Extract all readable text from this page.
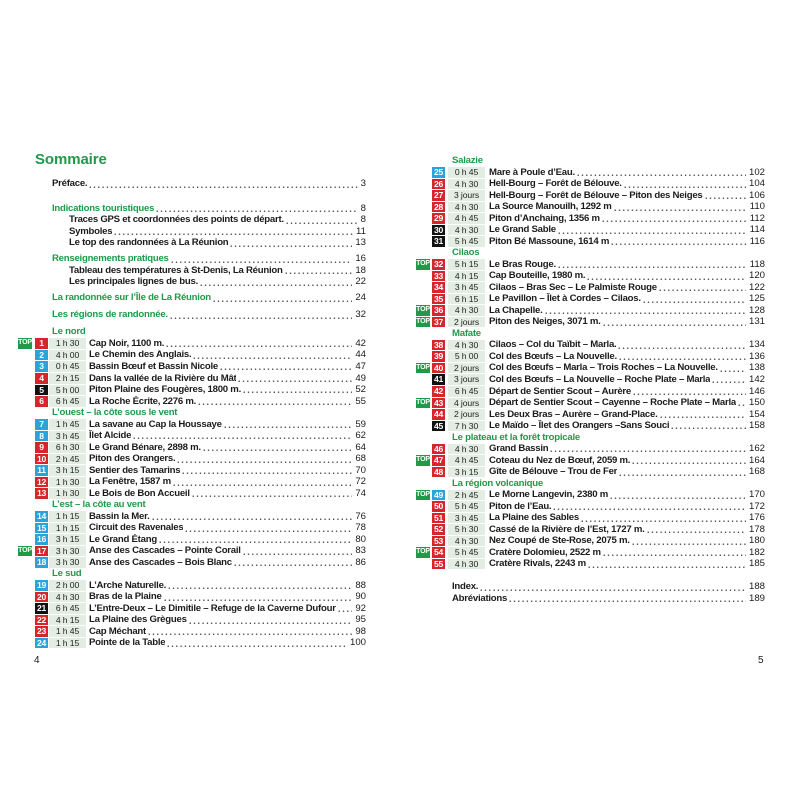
Sommaire
Préface.	3
Indications touristiques	8
Traces GPS et coordonnées des points de départ.	8
Symboles	11
Le top des randonnées à La Réunion	13
Renseignements pratiques	16
Tableau des températures à St-Denis, La Réunion	18
Les principales lignes de bus.	22
La randonnée sur l’Île de La Réunion	24
Les régions de randonnée.	32
Le nord
TOP 1	1 h 30	Cap Noir, 1100 m.	42
2	4 h 00	Le Chemin des Anglais.	44
3	0 h 45	Bassin Bœuf et Bassin Nicole	47
4	2 h 15	Dans la vallée de la Rivière du Mât	49
5	5 h 00	Piton Plaine des Fougères, 1800 m.	52
6	6 h 45	La Roche Écrite, 2276 m.	55
L’ouest – la côte sous le vent
7	1 h 45	La savane au Cap la Houssaye	59
8	3 h 45	Îlet Alcide	62
9	6 h 30	Le Grand Bénare, 2898 m.	64
10	2 h 45	Piton des Orangers.	68
11	3 h 15	Sentier des Tamarins	70
12	1 h 30	La Fenêtre, 1587 m	72
13	1 h 30	Le Bois de Bon Accueil	74
L’est – la côte au vent
14	1 h 15	Bassin la Mer.	76
15	1 h 15	Circuit des Ravenales	78
16	3 h 15	Le Grand Étang	80
TOP 17	3 h 30	Anse des Cascades – Pointe Corail	83
18	3 h 30	Anse des Cascades – Bois Blanc	86
Le sud
19	2 h 00	L’Arche Naturelle.	88
20	4 h 30	Bras de la Plaine	90
21	6 h 45	L’Entre-Deux – Le Dimitile – Refuge de la Caverne Dufour 92
22	4 h 15	La Plaine des Grègues	95
23	1 h 45	Cap Méchant	98
24	1 h 15	Pointe de la Table	100
4
Salazie
25	0 h 45	Mare à Poule d’Eau.	102
26	4 h 30	Hell-Bourg – Forêt de Bélouve.	104
27	3 jours	Hell-Bourg – Forêt de Bélouve – Piton des Neiges	106
28	4 h 30	La Source Manouilh, 1292 m	110
29	4 h 45	Piton d’Anchaing, 1356 m	112
30	4 h 30	Le Grand Sable	114
31	5 h 45	Piton Bé Massoune, 1614 m	116
Cilaos
TOP 32	5 h 15	Le Bras Rouge.	118
33	4 h 15	Cap Bouteille, 1980 m.	120
34	3 h 45	Cilaos – Bras Sec – Le Palmiste Rouge	122
35	6 h 15	Le Pavillon – Îlet à Cordes – Cilaos.	125
TOP 36	4 h 30	La Chapelle.	128
TOP 37	2 jours	Piton des Neiges, 3071 m.	131
Mafate
38	4 h 30	Cilaos – Col du Taïbit – Marla.	134
39	5 h 00	Col des Bœufs – La Nouvelle.	136
TOP 40	2 jours	Col des Bœufs – Marla – Trois Roches – La Nouvelle.	138
41	3 jours	Col des Bœufs – La Nouvelle – Roche Plate – Marla	142
42	6 h 45	Départ de Sentier Scout – Aurère	146
TOP 43	4 jours	Départ de Sentier Scout – Cayenne – Roche Plate – Marla 150
44	2 jours	Les Deux Bras – Aurère – Grand-Place.	154
45	7 h 30	Le Maïdo – Îlet des Orangers –Sans Souci	158
Le plateau et la forêt tropicale
46	4 h 30	Grand Bassin	162
TOP 47	4 h 45	Coteau du Nez de Bœuf, 2059 m.	164
48	3 h 15	Gîte de Bélouve – Trou de Fer	168
La région volcanique
TOP 49	2 h 45	Le Morne Langevin, 2380 m	170
50	5 h 45	Piton de l’Eau.	172
51	3 h 45	La Plaine des Sables	176
52	5 h 30	Cassé de la Rivière de l’Est, 1727 m.	178
53	4 h 30	Nez Coupé de Ste-Rose, 2075 m.	180
TOP 54	5 h 45	Cratère Dolomieu, 2522 m	182
55	4 h 30	Cratère Rivals, 2243 m	185
Index.	188
Abréviations	189
5
